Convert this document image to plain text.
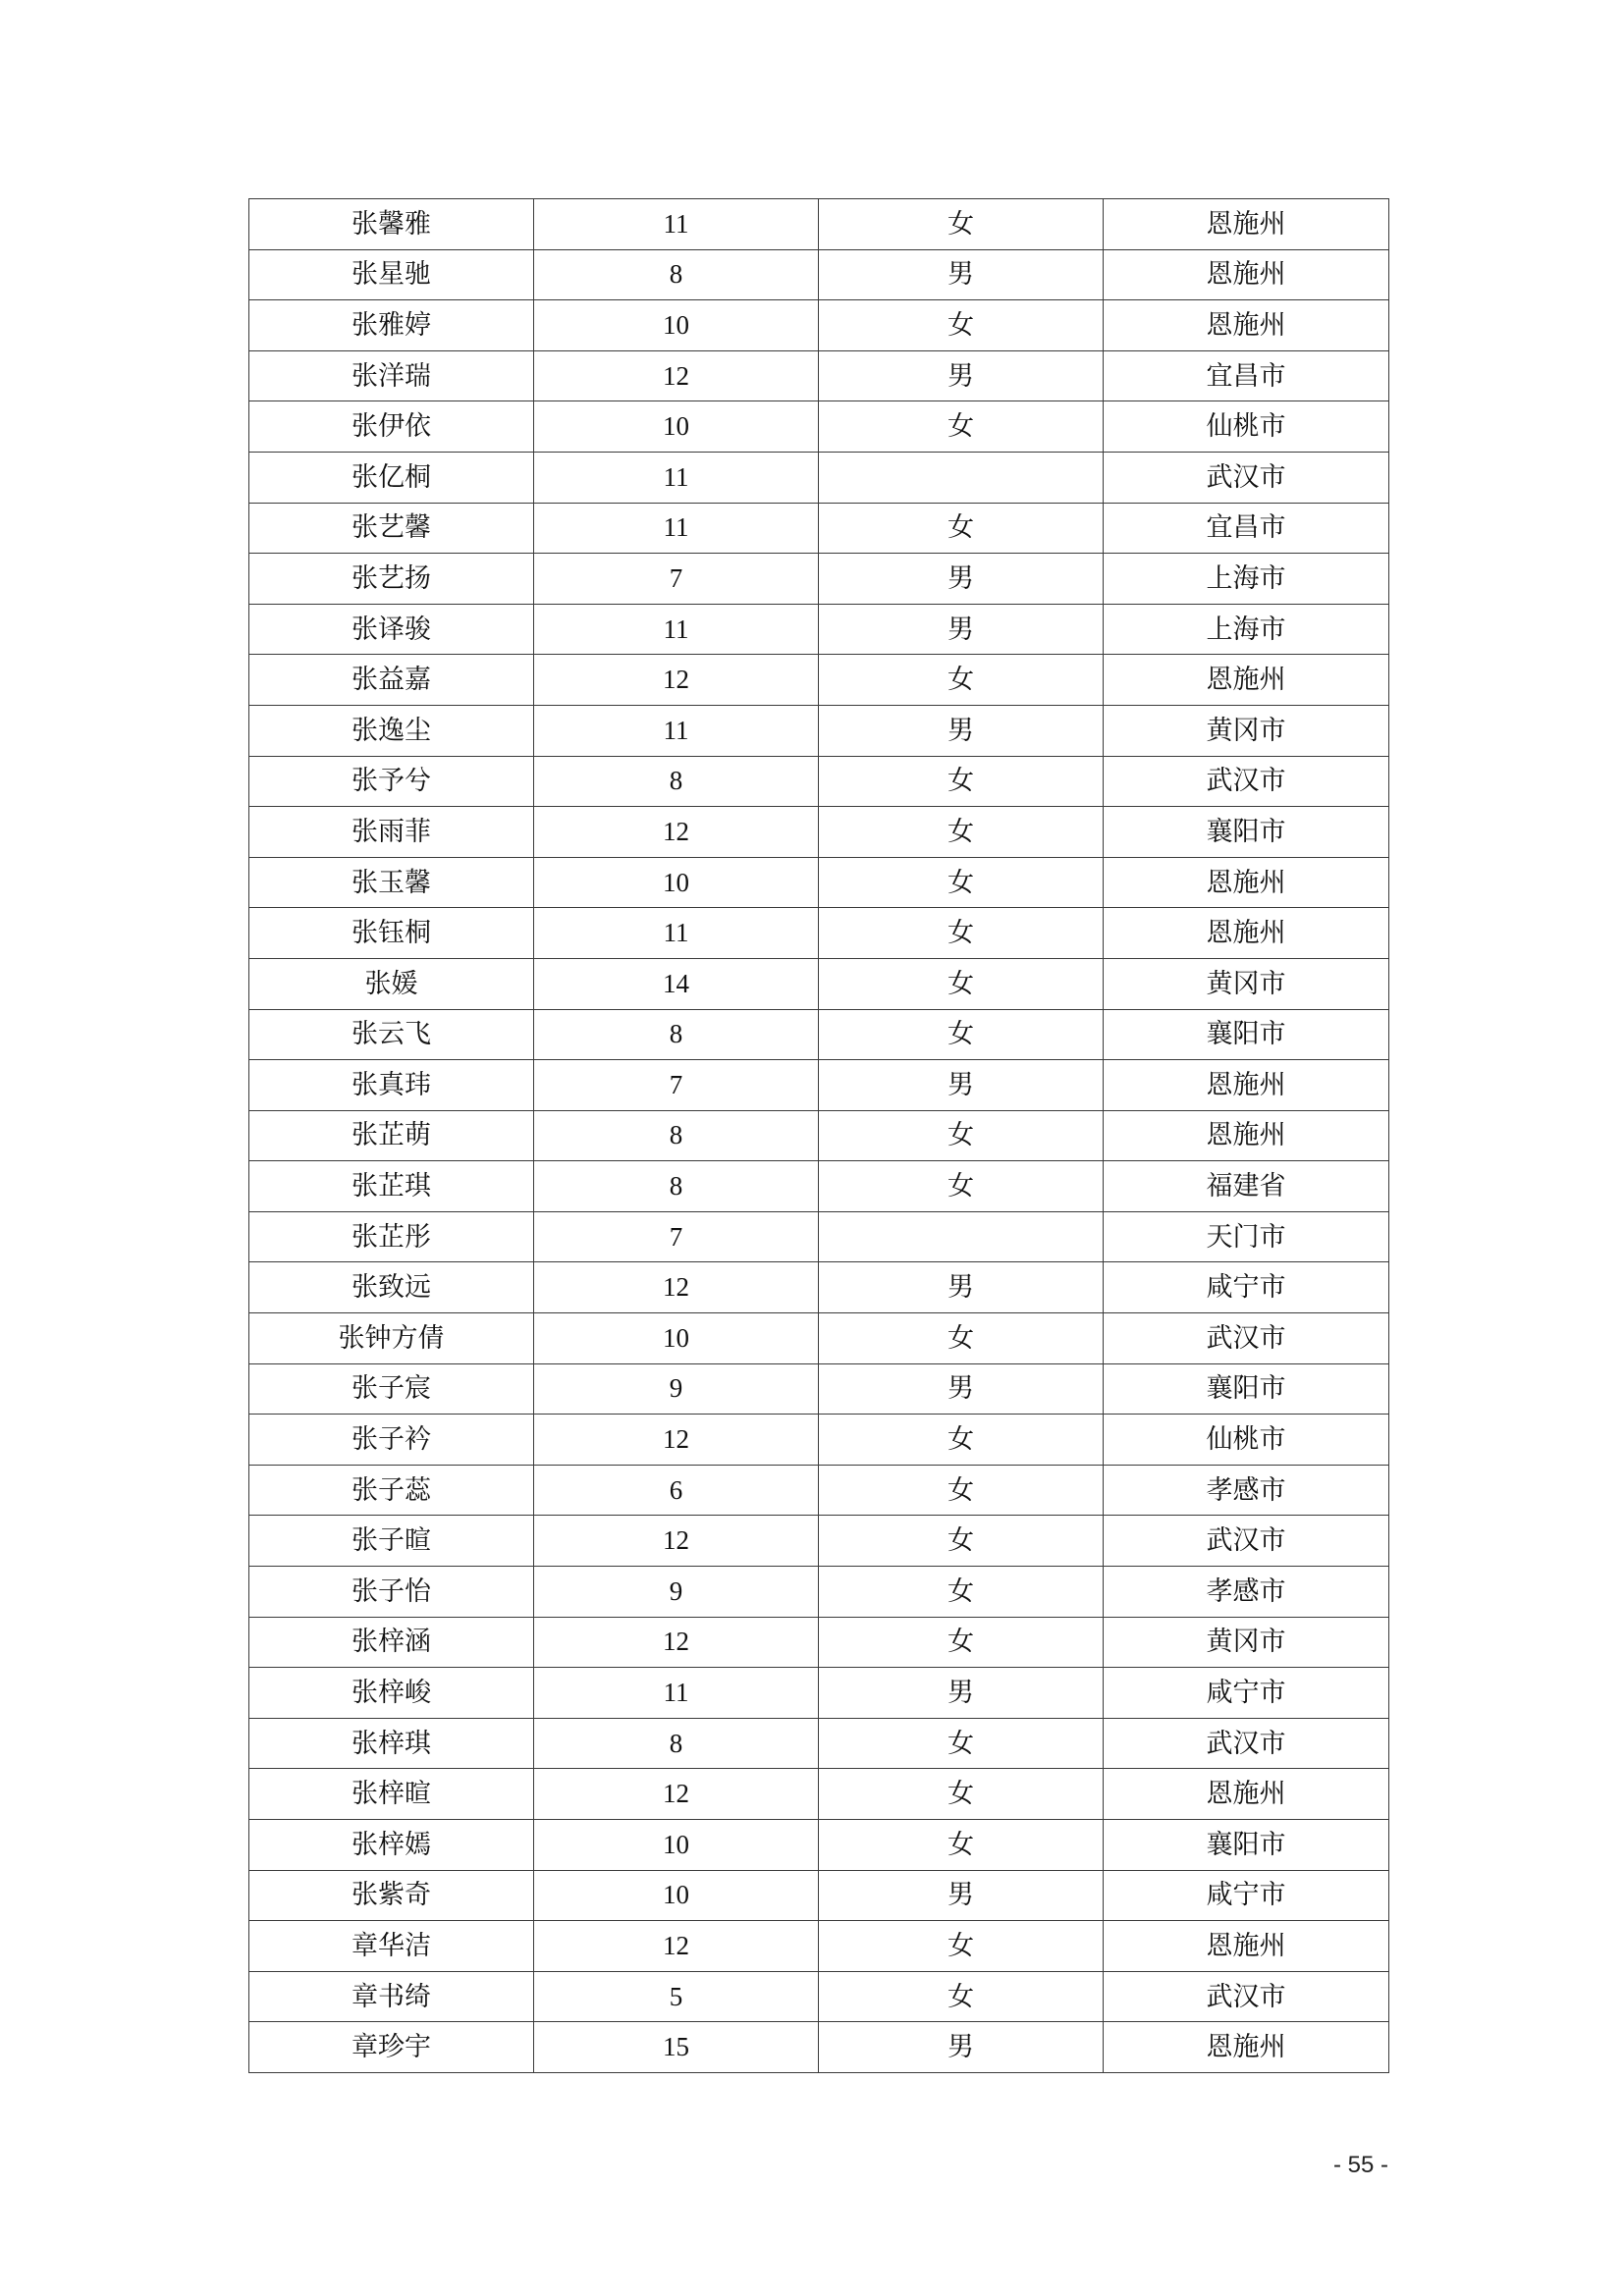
张馨雅	11	女	恩施州
张星驰	8	男	恩施州
张雅婷	10	女	恩施州
张洋瑞	12	男	宜昌市
张伊依	10	女	仙桃市
张亿桐	11		武汉市
张艺馨	11	女	宜昌市
张艺扬	7	男	上海市
张译骏	11	男	上海市
张益嘉	12	女	恩施州
张逸尘	11	男	黄冈市
张予兮	8	女	武汉市
张雨菲	12	女	襄阳市
张玉馨	10	女	恩施州
张钰桐	11	女	恩施州
张媛	14	女	黄冈市
张云飞	8	女	襄阳市
张真玮	7	男	恩施州
张芷萌	8	女	恩施州
张芷琪	8	女	福建省
张芷彤	7		天门市
张致远	12	男	咸宁市
张钟方倩	10	女	武汉市
张子宸	9	男	襄阳市
张子衿	12	女	仙桃市
张子蕊	6	女	孝感市
张子暄	12	女	武汉市
张子怡	9	女	孝感市
张梓涵	12	女	黄冈市
张梓峻	11	男	咸宁市
张梓琪	8	女	武汉市
张梓暄	12	女	恩施州
张梓嫣	10	女	襄阳市
张紫奇	10	男	咸宁市
章华洁	12	女	恩施州
章书绮	5	女	武汉市
章珍宇	15	男	恩施州
- 55 -
